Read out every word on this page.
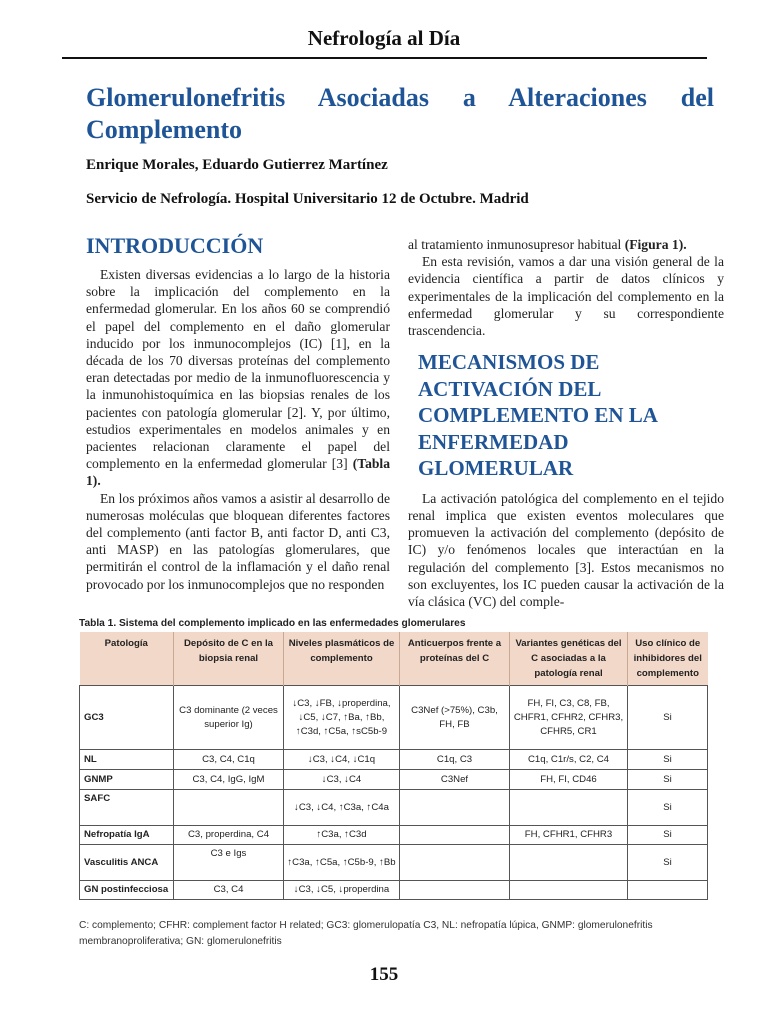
Nefrología al Día
Glomerulonefritis Asociadas a Alteraciones del Complemento
Enrique Morales, Eduardo Gutierrez Martínez
Servicio de Nefrología. Hospital Universitario 12 de Octubre. Madrid
INTRODUCCIÓN

Existen diversas evidencias a lo largo de la historia sobre la implicación del complemento en la enfermedad glomerular. En los años 60 se comprendió el papel del complemento en el daño glomerular inducido por los inmunocomplejos (IC) [1], en la década de los 70 diversas proteínas del complemento eran detectadas por medio de la inmunofluorescencia y la inmunohistoquímica en las biopsias renales de los pacientes con patología glomerular [2]. Y, por último, estudios experimentales en modelos animales y en pacientes relacionan claramente el papel del complemento en la enfermedad glomerular [3] (Tabla 1).

En los próximos años vamos a asistir al desarrollo de numerosas moléculas que bloquean diferentes factores del complemento (anti factor B, anti factor D, anti C3, anti MASP) en las patologías glomerulares, que permitirán el control de la inflamación y el daño renal provocado por los inmunocomplejos que no responden

al tratamiento inmunosupresor habitual (Figura 1).

En esta revisión, vamos a dar una visión general de la evidencia científica a partir de datos clínicos y experimentales de la implicación del complemento en la enfermedad glomerular y su correspondiente trascendencia.

MECANISMOS DE ACTIVACIÓN DEL COMPLEMENTO EN LA ENFERMEDAD GLOMERULAR

La activación patológica del complemento en el tejido renal implica que existen eventos moleculares que promueven la activación del complemento (depósito de IC) y/o fenómenos locales que interactúan en la regulación del complemento [3]. Estos mecanismos no son excluyentes, los IC pueden causar la activación de la vía clásica (VC) del comple-

Tabla 1. Sistema del complemento implicado en las enfermedades glomerulares
Patología	Depósito de C en la biopsia renal	Niveles plasmáticos de complemento	Anticuerpos frente a proteínas del C	Variantes genéticas del C asociadas a la patología renal	Uso clínico de inhibidores del complemento
GC3	C3 dominante (2 veces superior Ig)	↓C3, ↓FB, ↓properdina, ↓C5, ↓C7, ↑Ba, ↑Bb, ↑C3d, ↑C5a, ↑sC5b-9	C3Nef (>75%), C3b, FH, FB	FH, FI, C3, C8, FB, CHFR1, CFHR2, CFHR3, CFHR5, CR1	Si
NL	C3, C4, C1q	↓C3, ↓C4, ↓C1q	C1q, C3	C1q, C1r/s, C2, C4	Si
GNMP	C3, C4, IgG, IgM	↓C3, ↓C4	C3Nef	FH, FI, CD46	Si
SAFC		↓C3, ↓C4, ↑C3a, ↑C4a			Si
Nefropatía IgA	C3, properdina, C4	↑C3a, ↑C3d		FH, CFHR1, CFHR3	Si
Vasculitis ANCA	C3 e Igs	↑C3a, ↑C5a, ↑C5b-9, ↑Bb			Si
GN postinfecciosa	C3, C4	↓C3, ↓C5, ↓properdina			
C: complemento; CFHR: complement factor H related; GC3: glomerulopatía C3, NL: nefropatía lúpica, GNMP: glomerulonefritis membranoproliferativa; GN: glomerulonefritis
155
